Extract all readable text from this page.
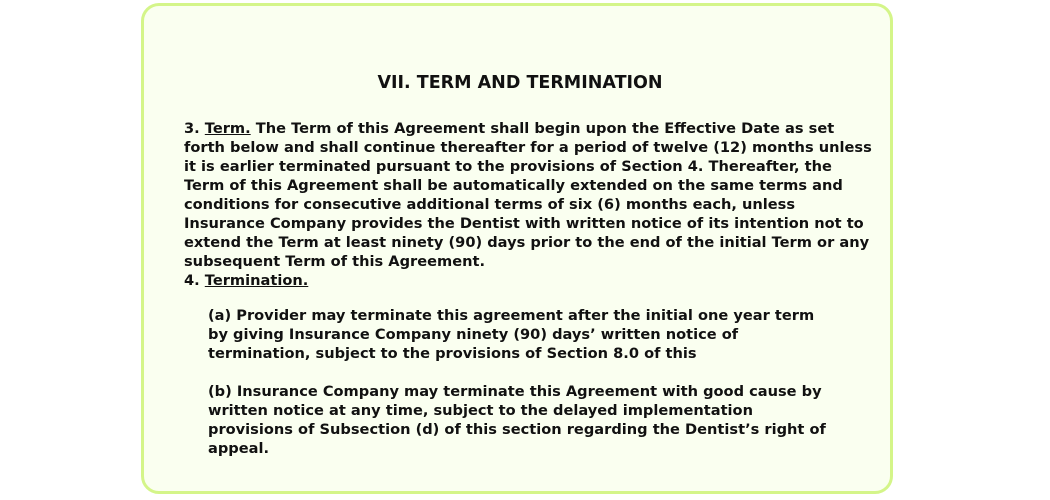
VII. TERM AND TERMINATION

3. Term. The Term of this Agreement shall begin upon the Effective Date as set forth below and shall continue thereafter for a period of twelve (12) months unless it is earlier terminated pursuant to the provisions of Section 4. Thereafter, the Term of this Agreement shall be automatically extended on the same terms and conditions for consecutive additional terms of six (6) months each, unless Insurance Company provides the Dentist with written notice of its intention not to extend the Term at least ninety (90) days prior to the end of the initial Term or any subsequent Term of this Agreement.

4. Termination.

(a) Provider may terminate this agreement after the initial one year term by giving Insurance Company ninety (90) days’ written notice of termination, subject to the provisions of Section 8.0 of this

(b) Insurance Company may terminate this Agreement with good cause by written notice at any time, subject to the delayed implementation provisions of Subsection (d) of this section regarding the Dentist’s right of appeal.
